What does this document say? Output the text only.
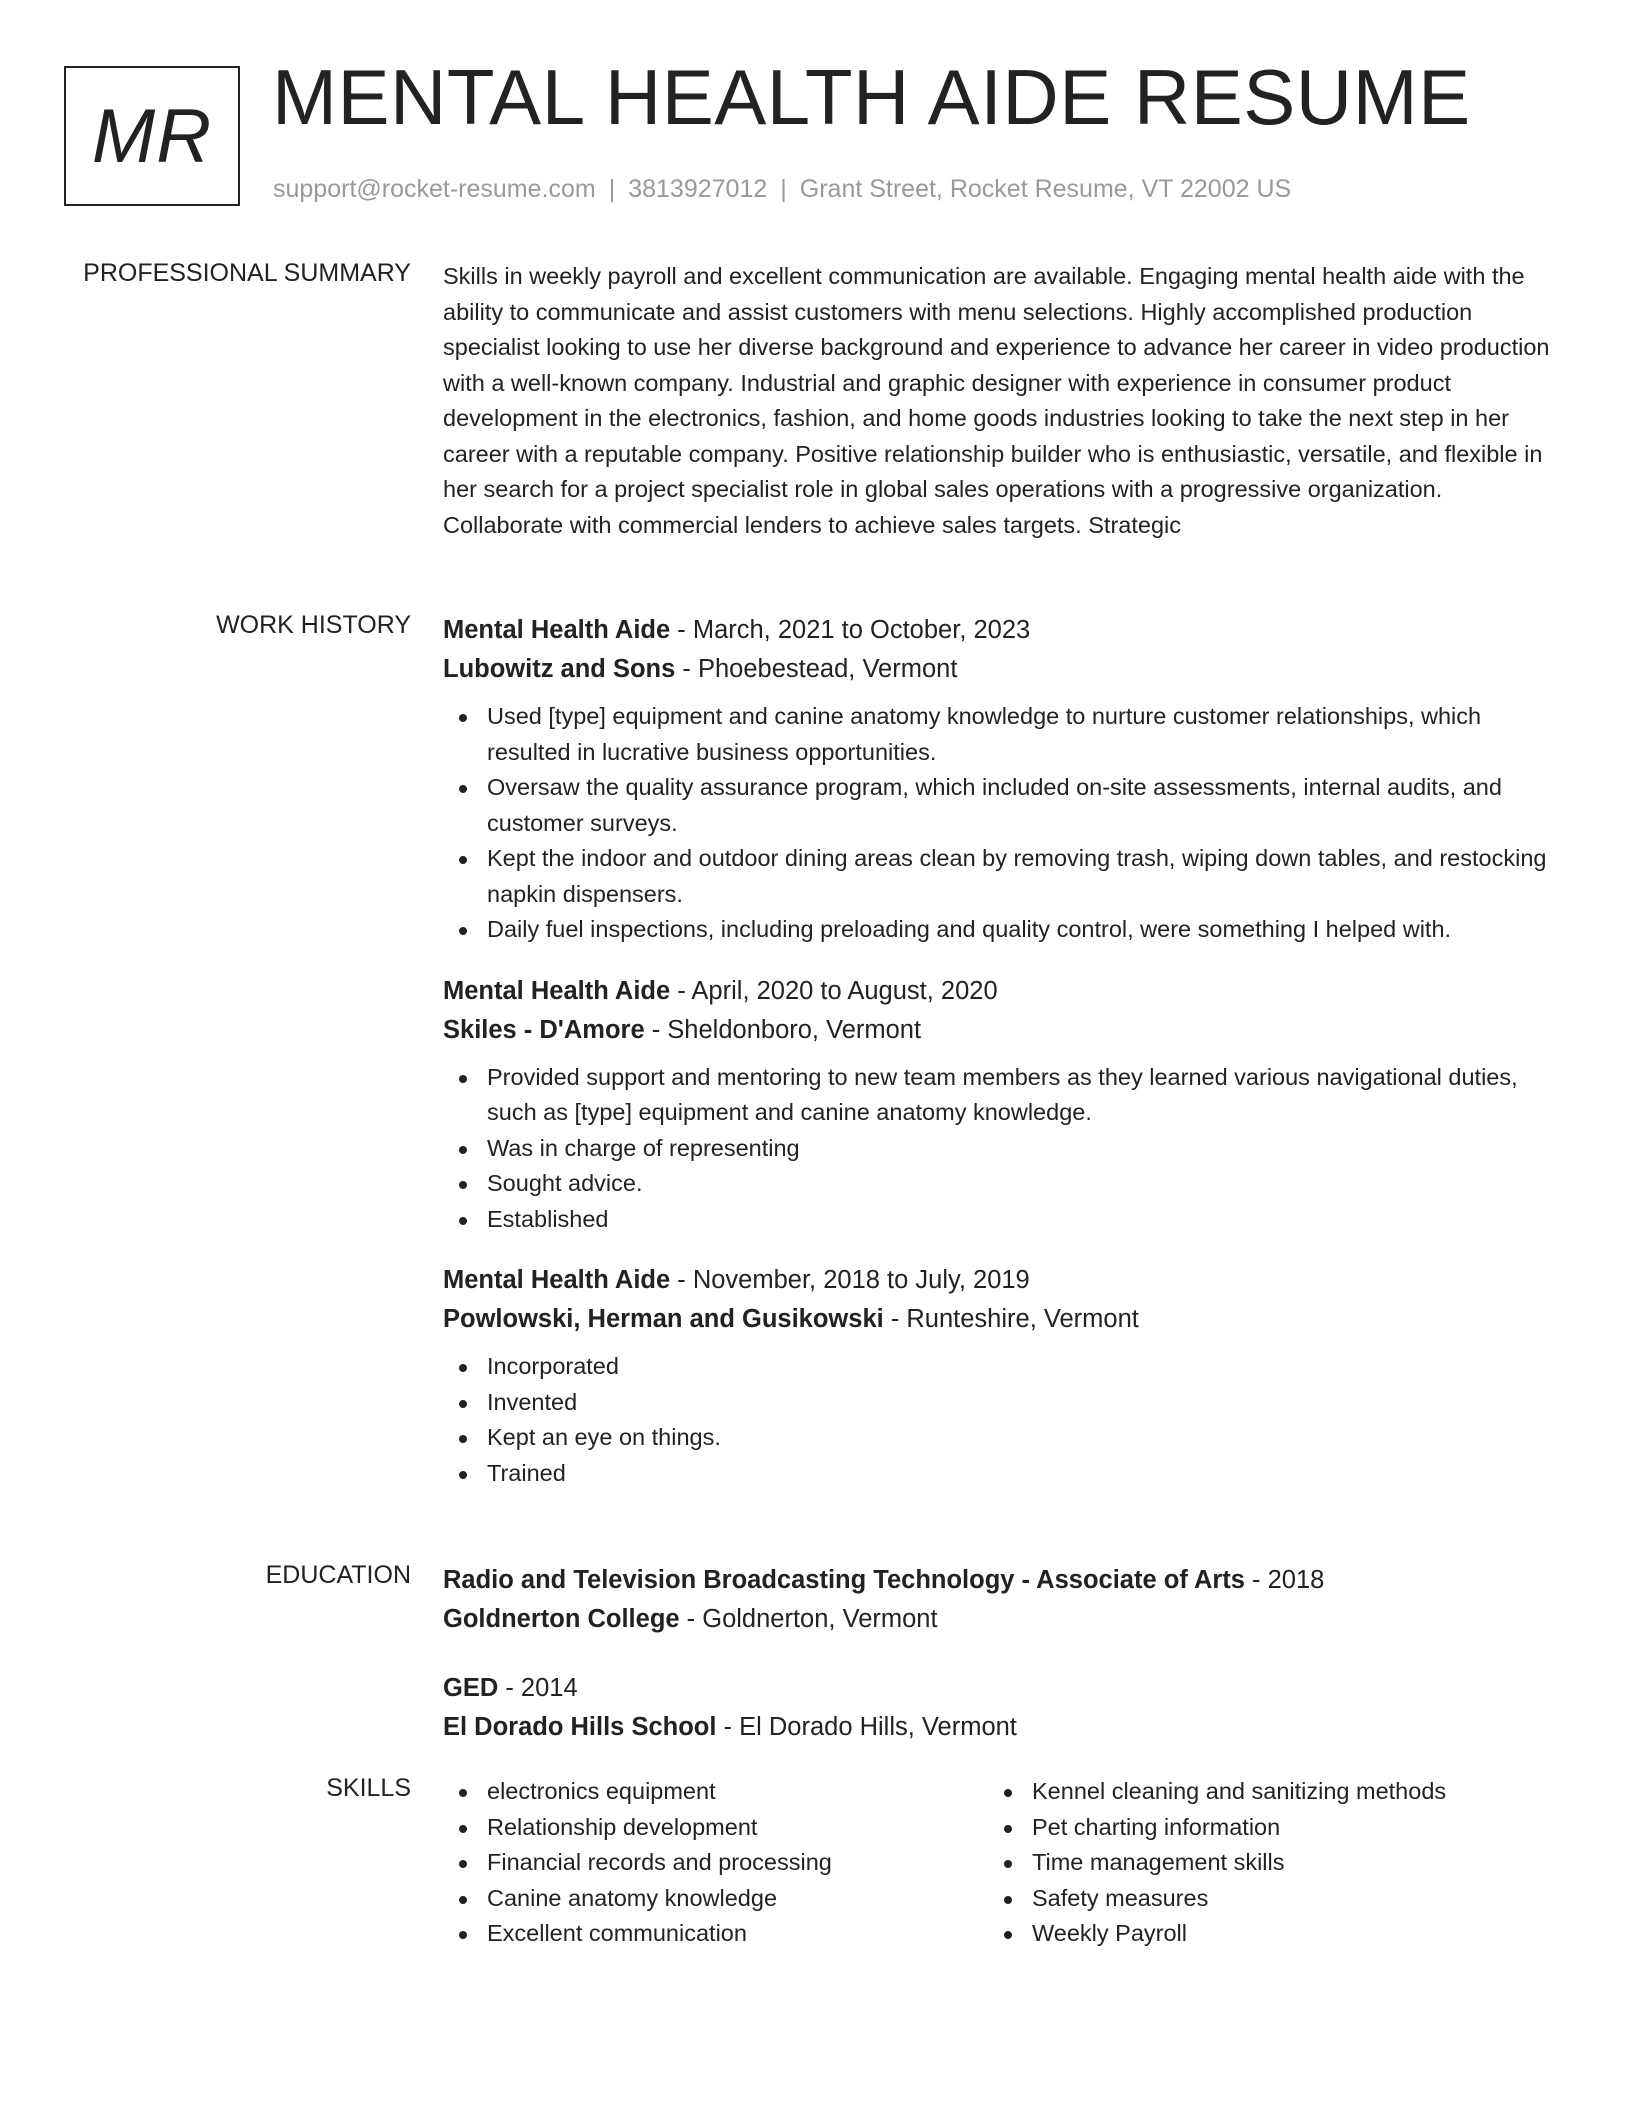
MR MENTAL HEALTH AIDE RESUME
support@rocket-resume.com | 3813927012 | Grant Street, Rocket Resume, VT 22002 US
PROFESSIONAL SUMMARY Skills in weekly payroll and excellent communication are available. Engaging mental health aide with the ability to communicate and assist customers with menu selections. Highly accomplished production specialist looking to use her diverse background and experience to advance her career in video production with a well-known company. Industrial and graphic designer with experience in consumer product development in the electronics, fashion, and home goods industries looking to take the next step in her career with a reputable company. Positive relationship builder who is enthusiastic, versatile, and flexible in her search for a project specialist role in global sales operations with a progressive organization. Collaborate with commercial lenders to achieve sales targets. Strategic

WORK HISTORY Mental Health Aide - March, 2021 to October, 2023
Lubowitz and Sons - Phoebestead, Vermont
Used [type] equipment and canine anatomy knowledge to nurture customer relationships, which resulted in lucrative business opportunities.
Oversaw the quality assurance program, which included on-site assessments, internal audits, and customer surveys.
Kept the indoor and outdoor dining areas clean by removing trash, wiping down tables, and restocking napkin dispensers.
Daily fuel inspections, including preloading and quality control, were something I helped with.
Mental Health Aide - April, 2020 to August, 2020
Skiles - D'Amore - Sheldonboro, Vermont
Provided support and mentoring to new team members as they learned various navigational duties, such as [type] equipment and canine anatomy knowledge.
Was in charge of representing
Sought advice.
Established
Mental Health Aide - November, 2018 to July, 2019
Powlowski, Herman and Gusikowski - Runteshire, Vermont
Incorporated
Invented
Kept an eye on things.
Trained
EDUCATION Radio and Television Broadcasting Technology - Associate of Arts - 2018
Goldnerton College - Goldnerton, Vermont
GED - 2014
El Dorado Hills School - El Dorado Hills, Vermont
SKILLS	electronics equipment
Relationship development
Financial records and processing
Canine anatomy knowledge
Excellent communication
Kennel cleaning and sanitizing methods
Pet charting information
Time management skills
Safety measures
Weekly Payroll
